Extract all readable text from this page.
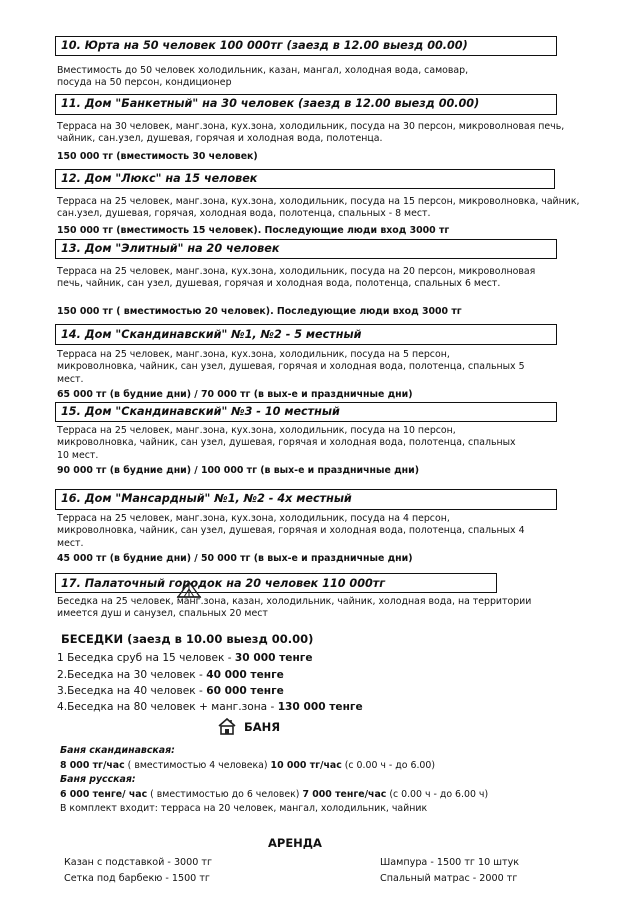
10. Юрта на 50 человек 100 000тг (заезд в 12.00 выезд 00.00)
Вместимость до 50 человек холодильник, казан, мангал, холодная вода, самовар, посуда на 50 персон, кондиционер
11. Дом "Банкетный" на 30 человек (заезд в 12.00 выезд 00.00)
Терраса на 30 человек, манг.зона, кух.зона, холодильник, посуда на 30 персон, микроволновая печь, чайник, сан.узел, душевая, горячая и холодная вода, полотенца.
150 000 тг (вместимость 30 человек)
12. Дом "Люкс" на 15 человек
Терраса на 25 человек, манг.зона, кух.зона, холодильник, посуда на 15 персон, микроволновка, чайник, сан.узел, душевая, горячая, холодная вода, полотенца, спальных - 8 мест.
150 000 тг (вместимость 15 человек). Последующие люди вход 3000 тг
13. Дом "Элитный" на 20 человек
Терраса на 25 человек, манг.зона, кух.зона, холодильник, посуда на 20 персон, микроволновая печь, чайник, сан узел, душевая, горячая и холодная вода, полотенца, спальных 6 мест.
150 000 тг ( вместимостью 20 человек). Последующие люди вход 3000 тг
14. Дом "Скандинавский" №1, №2 - 5 местный
Терраса на 25 человек, манг.зона, кух.зона, холодильник, посуда на 5 персон, микроволновка, чайник, сан узел, душевая, горячая и холодная вода, полотенца, спальных 5 мест.
65 000 тг (в будние дни) / 70 000 тг (в вых-е и праздничные дни)
15. Дом "Скандинавский" №3 - 10 местный
Терраса на 25 человек, манг.зона, кух.зона, холодильник, посуда на 10 персон, микроволновка, чайник, сан узел, душевая, горячая и холодная вода, полотенца, спальных 10 мест.
90 000 тг (в будние дни) / 100 000 тг (в вых-е и праздничные дни)
16. Дом "Мансардный" №1, №2 - 4х местный
Терраса на 25 человек, манг.зона, кух.зона, холодильник, посуда на 4 персон, микроволновка, чайник, сан узел, душевая, горячая и холодная вода, полотенца, спальных 4 мест.
45 000 тг (в будние дни) / 50 000 тг (в вых-е и праздничные дни)
17. Палаточный городок на 20 человек 110 000тг
Беседка на 25 человек, манг.зона, казан, холодильник, чайник, холодная вода, на территории имеется душ и санузел, спальных 20 мест
БЕСЕДКИ (заезд в 10.00 выезд 00.00)
1 Беседка сруб на 15 человек - 30 000 тенге
2.Беседка на 30 человек - 40 000 тенге
3.Беседка на 40 человек - 60 000 тенге
4.Беседка на 80 человек + манг.зона - 130 000 тенге
БАНЯ
Баня скандинавская:
8 000 тг/час ( вместимостью 4 человека) 10 000 тг/час (с 0.00 ч - до 6.00)
Баня русская:
6 000 тенге/ час ( вместимостью до 6 человек) 7 000 тенге/час (с 0.00 ч - до 6.00 ч)
В комплект входит: терраса на 20 человек, мангал, холодильник, чайник
АРЕНДА
Казан с подставкой - 3000 тг
Сетка под барбекю - 1500 тг
Шампура - 1500 тг 10 штук
Спальный матрас - 2000 тг
